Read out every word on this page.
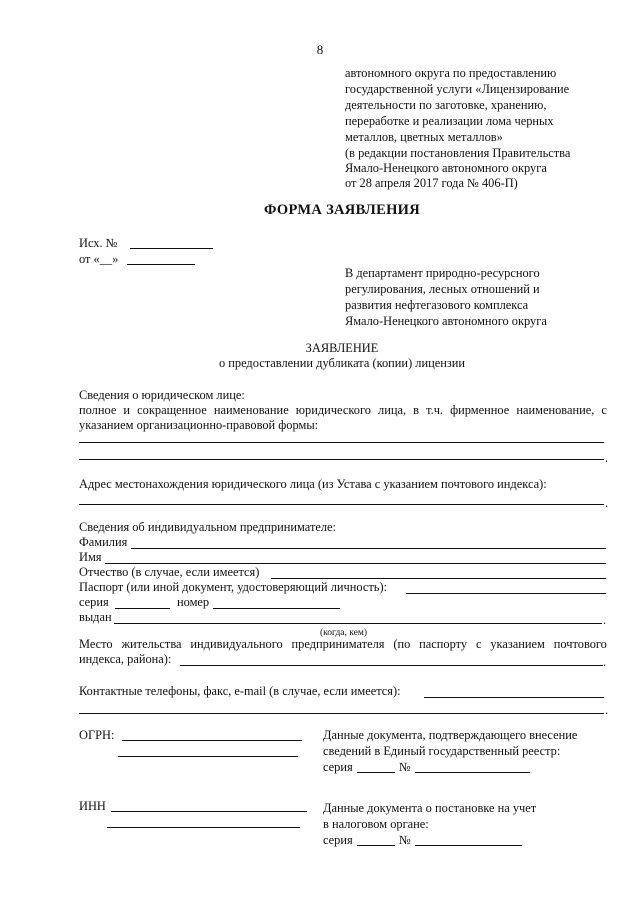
8
автономного округа по предоставлению
государственной услуги «Лицензирование
деятельности по заготовке, хранению,
переработке и реализации лома черных
металлов, цветных металлов»
(в редакции постановления Правительства
Ямало-Ненецкого автономного округа
от 28 апреля 2017 года № 406-П)
ФОРМА ЗАЯВЛЕНИЯ
Исх. №
от «__»
В департамент природно-ресурсного
регулирования, лесных отношений и
развития нефтегазового комплекса
Ямало-Ненецкого автономного округа
ЗАЯВЛЕНИЕ
о предоставлении дубликата (копии) лицензии
Сведения о юридическом лице:
полное и сокращенное наименование юридического лица, в т.ч. фирменное наименование, с
указанием организационно-правовой формы:
.
Адрес местонахождения юридического лица (из Устава с указанием почтового индекса):
.
Сведения об индивидуальном предпринимателе:
Фамилия
Имя
Отчество (в случае, если имеется)
Паспорт (или иной документ, удостоверяющий личность):
серия	номер
выдан	.
(когда, кем)
Место жительства индивидуального предпринимателя (по паспорту с указанием почтового
индекса, района):	.
Контактные телефоны, факс, e-mail (в случае, если имеется):
.
ОГРН:	Данные документа, подтверждающего внесение
сведений в Единый государственный реестр:
серия	№
ИНН	Данные документа о постановке на учет
в налоговом органе:
серия	№
